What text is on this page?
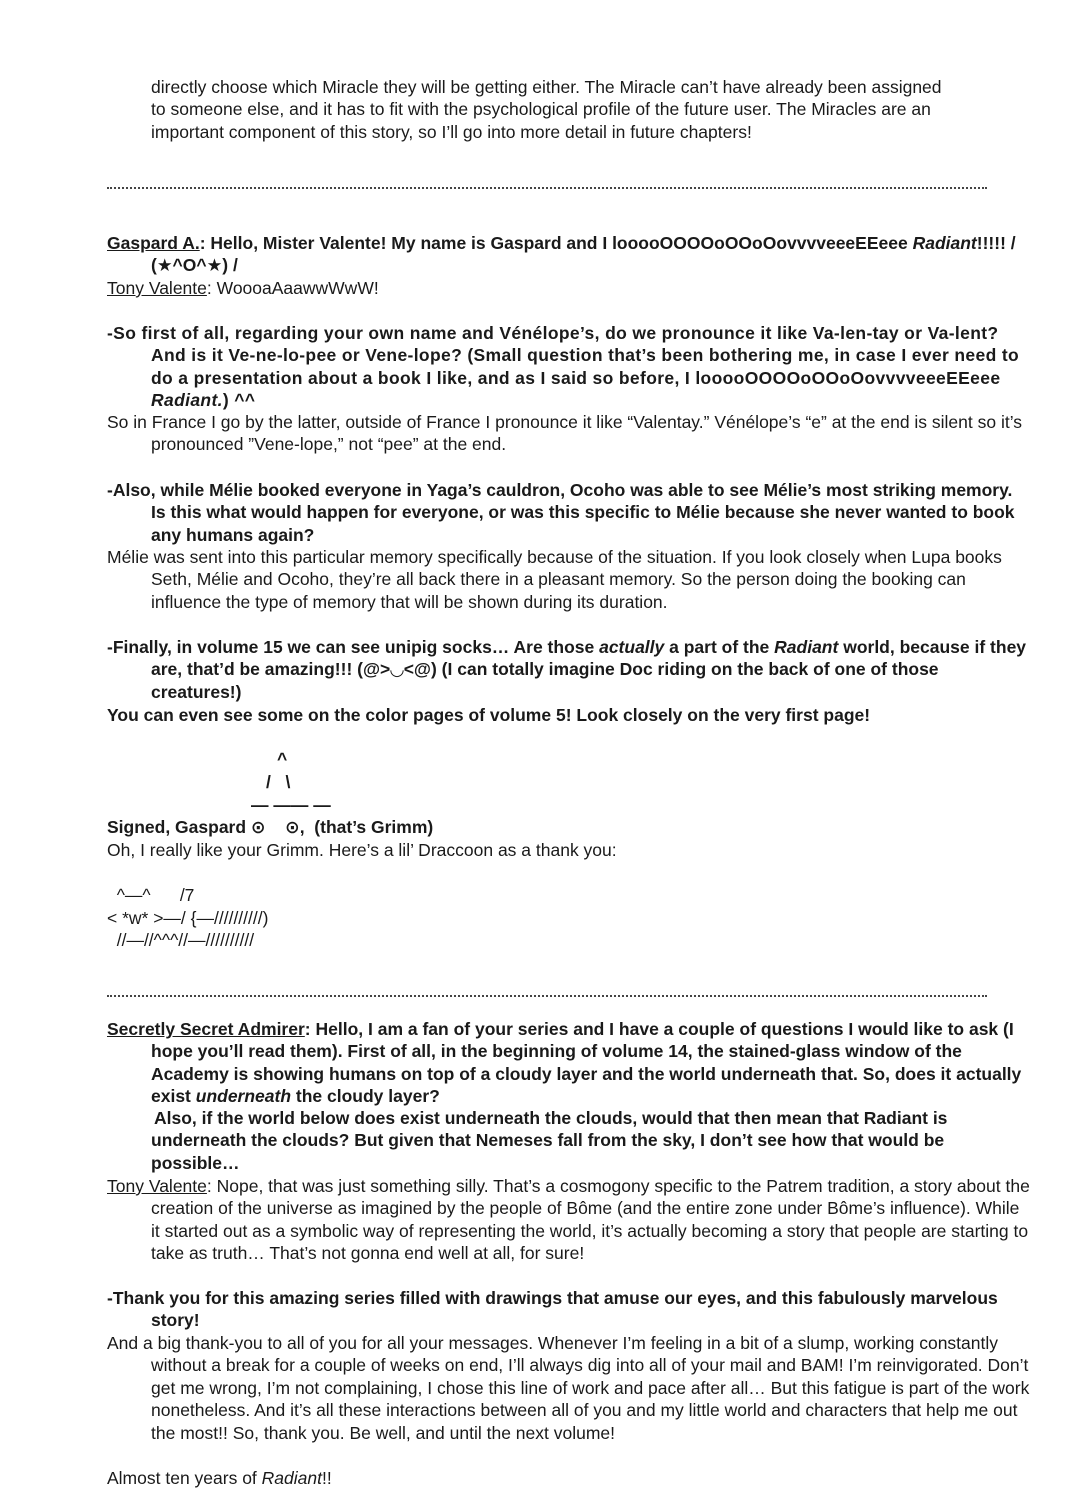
directly choose which Miracle they will be getting either. The Miracle can’t have already been assigned

to someone else, and it has to fit with the psychological profile of the future user. The Miracles are an

important component of this story, so I’ll go into more detail in future chapters!

Gaspard A.: Hello, Mister Valente! My name is Gaspard and I looooOOOOoOOoOovvvveeeEEeee Radiant!!!!! / (★^O^★) /
Tony Valente: WoooaAaawwWwW!
-So first of all, regarding your own name and Vénélope’s, do we pronounce it like Va-len-tay or Va-lent? And is it Ve-ne-lo-pee or Vene-lope? (Small question that’s been bothering me, in case I ever need to do a presentation about a book I like, and as I said so before, I looooOOOOoOOoOovvvveeeEEeee Radiant.) ^^
So in France I go by the latter, outside of France I pronounce it like “Valentay.” Vénélope’s “e” at the end is silent so it’s pronounced ”Vene-lope,” not “pee” at the end.
-Also, while Mélie booked everyone in Yaga’s cauldron, Ocoho was able to see Mélie’s most striking memory. Is this what would happen for everyone, or was this specific to Mélie because she never wanted to book any humans again?
Mélie was sent into this particular memory specifically because of the situation. If you look closely when Lupa books Seth, Mélie and Ocoho, they’re all back there in a pleasant memory. So the person doing the booking can influence the type of memory that will be shown during its duration.
-Finally, in volume 15 we can see unipig socks… Are those actually a part of the Radiant world, because if they are, that’d be amazing!!! (@>◡<@) (I can totally imagine Doc riding on the back of one of those creatures!)
You can even see some on the color pages of volume 5! Look closely on the very first page!
^
/   \
— —— —
Signed, Gaspard ⊙    ⊙,  (that’s Grimm)
Oh, I really like your Grimm. Here’s a lil’ Draccoon as a thank you:
^—^      /7
< *w* >—/ {—//////////)
//—//^^^//—//////////
Secretly Secret Admirer: Hello, I am a fan of your series and I have a couple of questions I would like to ask (I hope you’ll read them). First of all, in the beginning of volume 14, the stained-glass window of the Academy is showing humans on top of a cloudy layer and the world underneath that. So, does it actually exist underneath the cloudy layer?
Also, if the world below does exist underneath the clouds, would that then mean that Radiant is underneath the clouds? But given that Nemeses fall from the sky, I don’t see how that would be possible…
Tony Valente: Nope, that was just something silly. That’s a cosmogony specific to the Patrem tradition, a story about the creation of the universe as imagined by the people of Bôme (and the entire zone under Bôme’s influence). While it started out as a symbolic way of representing the world, it’s actually becoming a story that people are starting to take as truth… That’s not gonna end well at all, for sure!
-Thank you for this amazing series filled with drawings that amuse our eyes, and this fabulously marvelous story!
And a big thank-you to all of you for all your messages. Whenever I’m feeling in a bit of a slump, working constantly without a break for a couple of weeks on end, I’ll always dig into all of your mail and BAM! I’m reinvigorated. Don’t get me wrong, I’m not complaining, I chose this line of work and pace after all… But this fatigue is part of the work nonetheless. And it’s all these interactions between all of you and my little world and characters that help me out the most!! So, thank you. Be well, and until the next volume!
Almost ten years of Radiant!!
